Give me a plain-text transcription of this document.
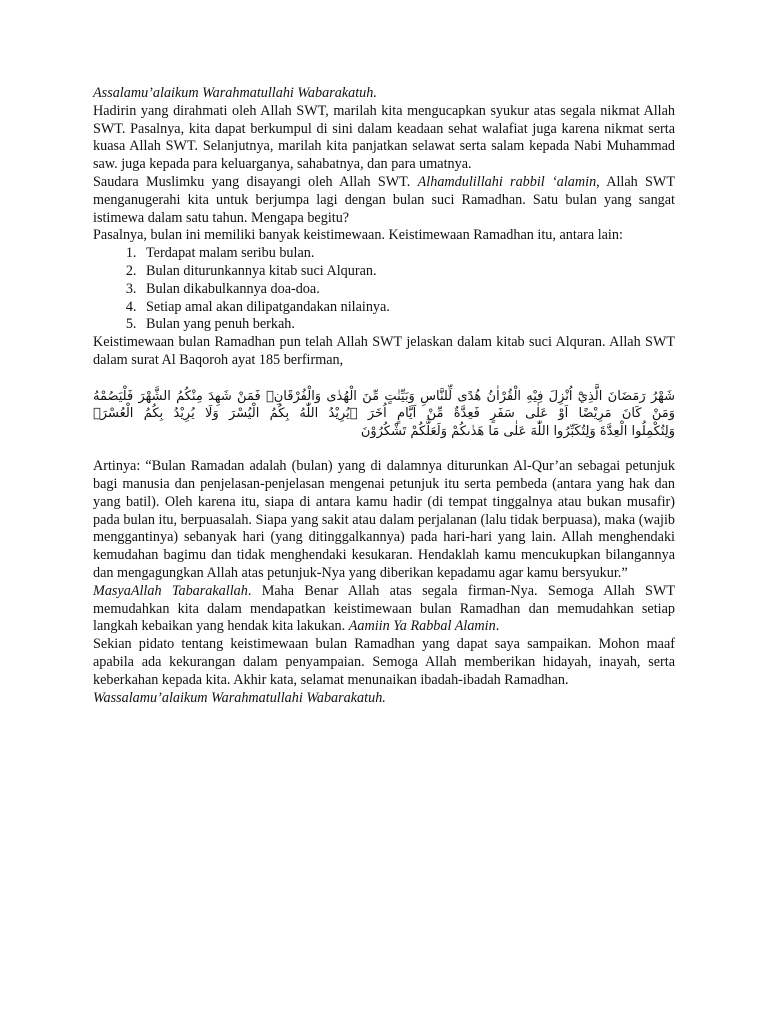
Assalamu’alaikum Warahmatullahi Wabarakatuh.

Hadirin yang dirahmati oleh Allah SWT, marilah kita mengucapkan syukur atas segala nikmat Allah SWT. Pasalnya, kita dapat berkumpul di sini dalam keadaan sehat walafiat juga karena nikmat serta kuasa Allah SWT. Selanjutnya, marilah kita panjatkan selawat serta salam kepada Nabi Muhammad saw. juga kepada para keluarganya, sahabatnya, dan para umatnya.

Saudara Muslimku yang disayangi oleh Allah SWT. Alhamdulillahi rabbil ‘alamin, Allah SWT menganugerahi kita untuk berjumpa lagi dengan bulan suci Ramadhan. Satu bulan yang sangat istimewa dalam satu tahun. Mengapa begitu?

Pasalnya, bulan ini memiliki banyak keistimewaan. Keistimewaan Ramadhan itu, antara lain:

1. Terdapat malam seribu bulan.
2. Bulan diturunkannya kitab suci Alquran.
3. Bulan dikabulkannya doa-doa.
4. Setiap amal akan dilipatgandakan nilainya.
5. Bulan yang penuh berkah.

Keistimewaan bulan Ramadhan pun telah Allah SWT jelaskan dalam kitab suci Alquran. Allah SWT dalam surat Al Baqoroh ayat 185 berfirman,

شَهْرُ رَمَضَانَ الَّذِيْٓ اُنْزِلَ فِيْهِ الْقُرْاٰنُ هُدًى لِّلنَّاسِ وَبَيِّنٰتٍ مِّنَ الْهُدٰى وَالْفُرْقَانِۚ فَمَنْ شَهِدَ مِنْكُمُ الشَّهْرَ فَلْيَصُمْهُ
وَمَنْ كَانَ مَرِيْضًا اَوْ عَلٰى سَفَرٍ فَعِدَّةٌ مِّنْ اَيَّامٍ اُخَرَ ۗيُرِيْدُ اللّٰهُ بِكُمُ الْيُسْرَ وَلَا يُرِيْدُ بِكُمُ الْعُسْرَۖ
وَلِتُكْمِلُوا الْعِدَّةَ وَلِتُكَبِّرُوا اللّٰهَ عَلٰى مَا هَدٰىكُمْ وَلَعَلَّكُمْ تَشْكُرُوْنَ

Artinya: “Bulan Ramadan adalah (bulan) yang di dalamnya diturunkan Al-Qur’an sebagai petunjuk bagi manusia dan penjelasan-penjelasan mengenai petunjuk itu serta pembeda (antara yang hak dan yang batil). Oleh karena itu, siapa di antara kamu hadir (di tempat tinggalnya atau bukan musafir) pada bulan itu, berpuasalah. Siapa yang sakit atau dalam perjalanan (lalu tidak berpuasa), maka (wajib menggantinya) sebanyak hari (yang ditinggalkannya) pada hari-hari yang lain. Allah menghendaki kemudahan bagimu dan tidak menghendaki kesukaran. Hendaklah kamu mencukupkan bilangannya dan mengagungkan Allah atas petunjuk-Nya yang diberikan kepadamu agar kamu bersyukur.”

MasyaAllah Tabarakallah. Maha Benar Allah atas segala firman-Nya. Semoga Allah SWT memudahkan kita dalam mendapatkan keistimewaan bulan Ramadhan dan memudahkan setiap langkah kebaikan yang hendak kita lakukan. Aamiin Ya Rabbal Alamin.

Sekian pidato tentang keistimewaan bulan Ramadhan yang dapat saya sampaikan. Mohon maaf apabila ada kekurangan dalam penyampaian. Semoga Allah memberikan hidayah, inayah, serta keberkahan kepada kita. Akhir kata, selamat menunaikan ibadah-ibadah Ramadhan.

Wassalamu’alaikum Warahmatullahi Wabarakatuh.
